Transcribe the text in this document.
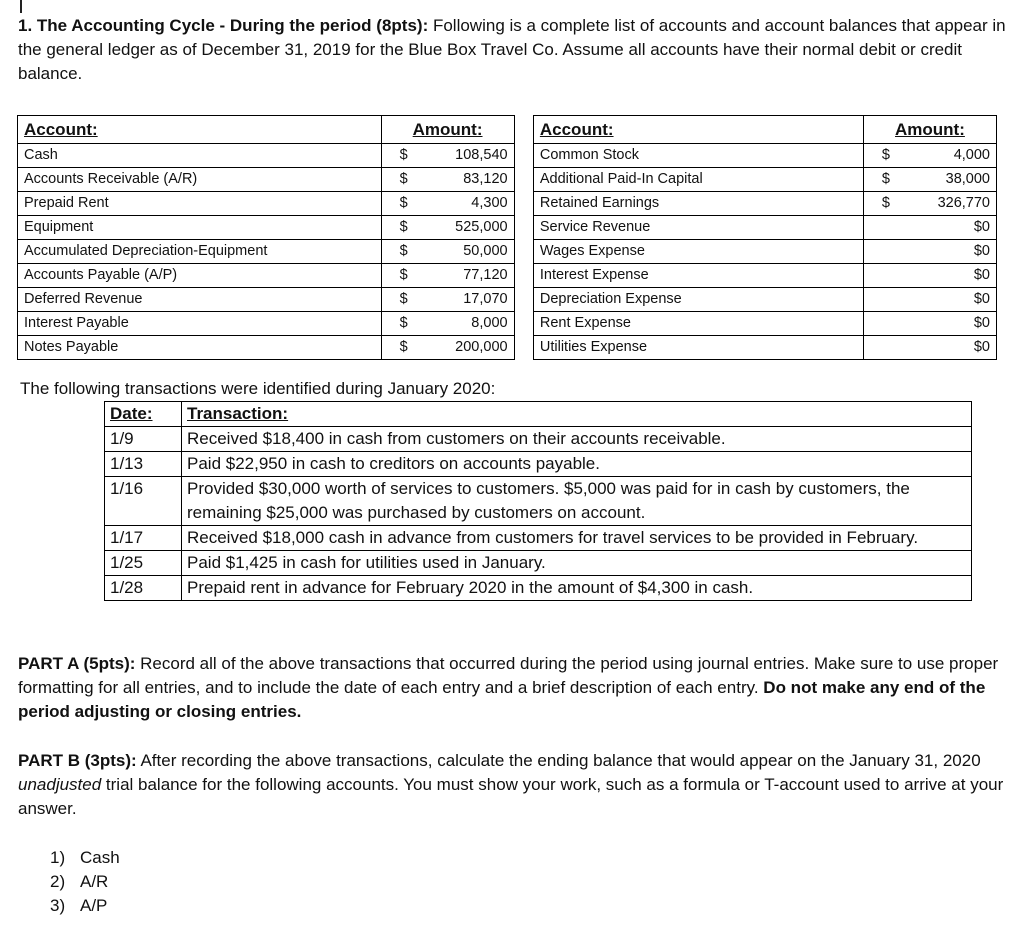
1. The Accounting Cycle - During the period (8pts): Following is a complete list of accounts and account balances that appear in the general ledger as of December 31, 2019 for the Blue Box Travel Co. Assume all accounts have their normal debit or credit balance.
Account:	Amount:		Account:	Amount:
Cash	$ 108,540		Common Stock	$ 4,000

Accounts Receivable (A/R)	$ 83,120		Additional Paid-In Capital	$ 38,000

Prepaid Rent	$ 4,300		Retained Earnings	$ 326,770

Equipment	$ 525,000		Service Revenue	$0

Accumulated Depreciation-Equipment	$ 50,000		Wages Expense	$0

Accounts Payable (A/P)	$ 77,120		Interest Expense	$0

Deferred Revenue	$ 17,070		Depreciation Expense	$0

Interest Payable	$ 8,000		Rent Expense	$0

Notes Payable	$ 200,000		Utilities Expense	$0
The following transactions were identified during January 2020:
Date:	Transaction:
1/9	Received $18,400 in cash from customers on their accounts receivable.
1/13	Paid $22,950 in cash to creditors on accounts payable.
1/16	Provided $30,000 worth of services to customers. $5,000 was paid for in cash by customers, the remaining $25,000 was purchased by customers on account.
1/17	Received $18,000 cash in advance from customers for travel services to be provided in February.
1/25	Paid $1,425 in cash for utilities used in January.
1/28	Prepaid rent in advance for February 2020 in the amount of $4,300 in cash.
PART A (5pts): Record all of the above transactions that occurred during the period using journal entries. Make sure to use proper formatting for all entries, and to include the date of each entry and a brief description of each entry. Do not make any end of the period adjusting or closing entries.
PART B (3pts): After recording the above transactions, calculate the ending balance that would appear on the January 31, 2020 unadjusted trial balance for the following accounts. You must show your work, such as a formula or T-account used to arrive at your answer.
1) Cash
2) A/R
3) A/P
